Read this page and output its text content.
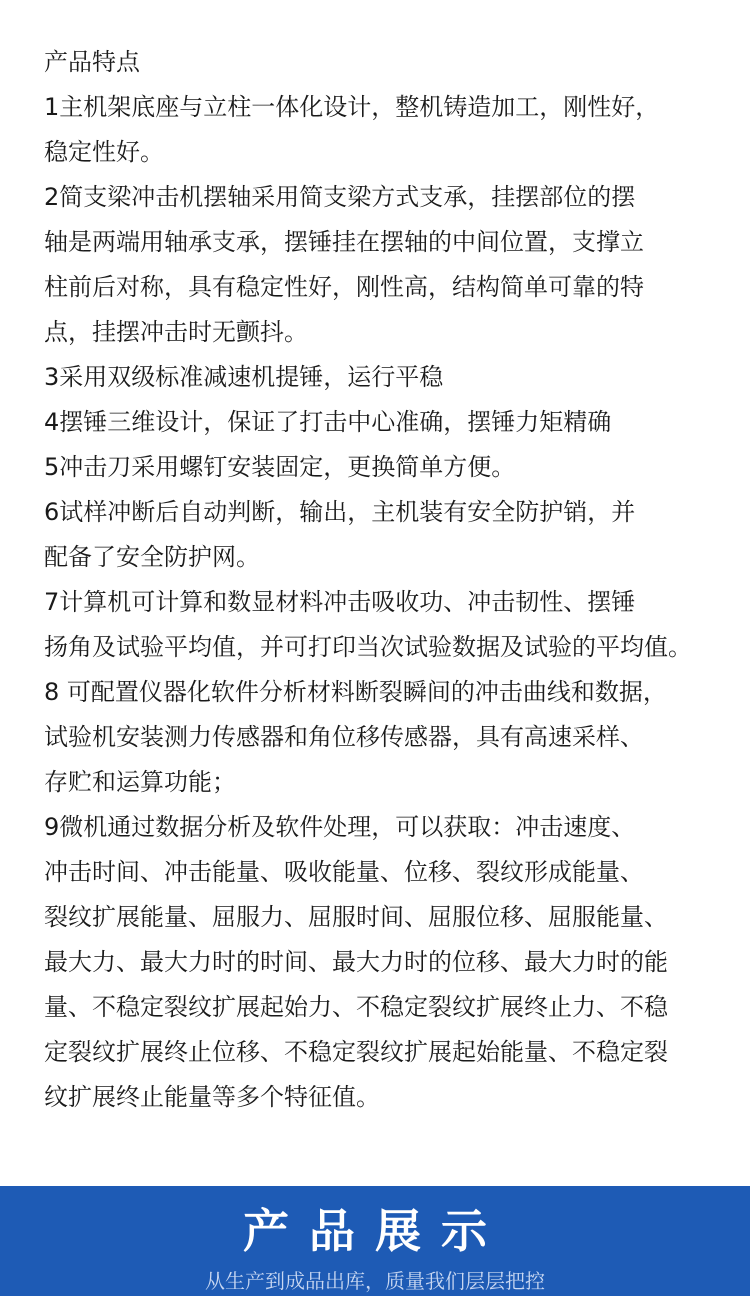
产品特点
1主机架底座与立柱一体化设计，整机铸造加工，刚性好，
稳定性好。
2简支梁冲击机摆轴采用简支梁方式支承，挂摆部位的摆
轴是两端用轴承支承，摆锤挂在摆轴的中间位置，支撑立
柱前后对称，具有稳定性好，刚性高，结构简单可靠的特
点，挂摆冲击时无颤抖。
3采用双级标准减速机提锤，运行平稳
4摆锤三维设计，保证了打击中心准确，摆锤力矩精确
5冲击刀采用螺钉安装固定，更换简单方便。
6试样冲断后自动判断，输出，主机装有安全防护销，并
配备了安全防护网。
7计算机可计算和数显材料冲击吸收功、冲击韧性、摆锤
扬角及试验平均值，并可打印当次试验数据及试验的平均值。
8 可配置仪器化软件分析材料断裂瞬间的冲击曲线和数据，
试验机安装测力传感器和角位移传感器，具有高速采样、
存贮和运算功能；
9微机通过数据分析及软件处理，可以获取：冲击速度、
冲击时间、冲击能量、吸收能量、位移、裂纹形成能量、
裂纹扩展能量、屈服力、屈服时间、屈服位移、屈服能量、
最大力、最大力时的时间、最大力时的位移、最大力时的能
量、不稳定裂纹扩展起始力、不稳定裂纹扩展终止力、不稳
定裂纹扩展终止位移、不稳定裂纹扩展起始能量、不稳定裂
纹扩展终止能量等多个特征值。
产品展示
从生产到成品出库，质量我们层层把控
